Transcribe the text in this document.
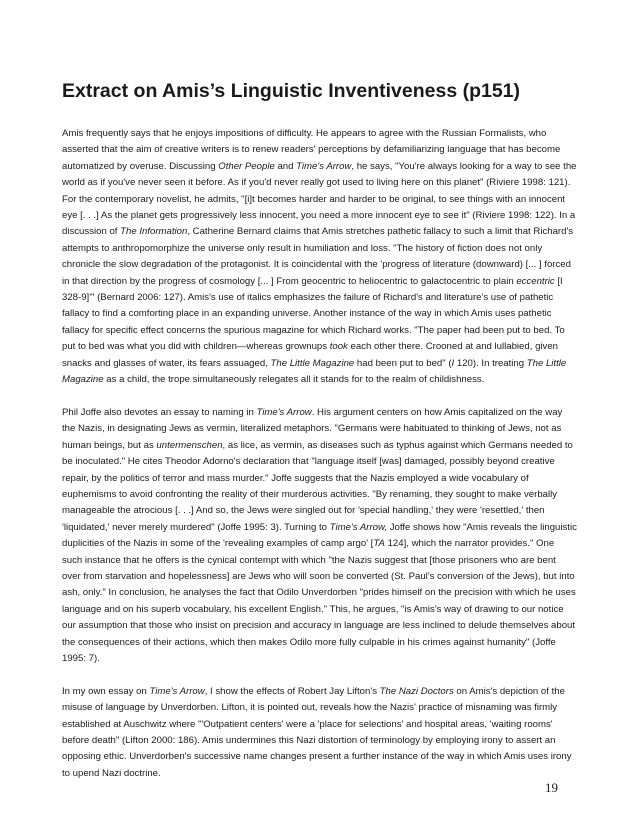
Extract on Amis’s Linguistic Inventiveness (p151)

Amis frequently says that he enjoys impositions of difficulty. He appears to agree with the Russian Formalists, who asserted that the aim of creative writers is to renew readers' perceptions by defamiliarizing language that has become automatized by overuse. Discussing Other People and Time's Arrow, he says, "You're always looking for a way to see the world as if you've never seen it before. As if you'd never really got used to living here on this planet" (Riviere 1998: 121). For the contemporary novelist, he admits, "[i]t becomes harder and harder to be original, to see things with an innocent eye [. . .] As the planet gets progressively less innocent, you need a more innocent eye to see it" (Riviere 1998: 122). In a discussion of The Information, Catherine Bernard claims that Amis stretches pathetic fallacy to such a limit that Richard's attempts to anthropomorphize the universe only result in humiliation and loss. "The history of fiction does not only chronicle the slow degradation of the protagonist. It is coincidental with the 'progress of literature (downward) [... ] forced in that direction by the progress of cosmology [... ] From geocentric to heliocentric to galactocentric to plain eccentric [I 328-9]'" (Bernard 2006: 127). Amis's use of italics emphasizes the failure of Richard's and literature's use of pathetic fallacy to find a comforting place in an expanding universe. Another instance of the way in which Amis uses pathetic fallacy for specific effect concerns the spurious magazine for which Richard works. "The paper had been put to bed. To put to bed was what you did with children—whereas grownups took each other there. Crooned at and lullabied, given snacks and glasses of water, its fears assuaged, The Little Magazine had been put to bed" (I 120). In treating The Little Magazine as a child, the trope simultaneously relegates all it stands for to the realm of childishness.

Phil Joffe also devotes an essay to naming in Time's Arrow. His argument centers on how Amis capitalized on the way the Nazis, in designating Jews as vermin, literalized metaphors. "Germans were habituated to thinking of Jews, not as human beings, but as untermenschen, as lice, as vermin, as diseases such as typhus against which Germans needed to be inoculated." He cites Theodor Adorno's declaration that "language itself [was] damaged, possibly beyond creative repair, by the politics of terror and mass murder." Joffe suggests that the Nazis employed a wide vocabulary of euphemisms to avoid confronting the reality of their murderous activities. "By renaming, they sought to make verbally manageable the atrocious [. . .] And so, the Jews were singled out for 'special handling,' they were 'resettled,' then 'liquidated,' never merely murdered" (Joffe 1995: 3). Turning to Time's Arrow, Joffe shows how "Amis reveals the linguistic duplicities of the Nazis in some of the 'revealing examples of camp argo' [TA 124], which the narrator provides." One such instance that he offers is the cynical contempt with which "the Nazis suggest that [those prisoners who are bent over from starvation and hopelessness] are Jews who will soon be converted (St. Paul's conversion of the Jews), but into ash, only." In conclusion, he analyses the fact that Odilo Unverdorben "prides himself on the precision with which he uses language and on his superb vocabulary, his excellent English." This, he argues, "is Amis's way of drawing to our notice our assumption that those who insist on precision and accuracy in language are less inclined to delude themselves about the consequences of their actions, which then makes Odilo more fully culpable in his crimes against humanity" (Joffe 1995: 7).

In my own essay on Time's Arrow, I show the effects of Robert Jay Lifton's The Nazi Doctors on Amis's depiction of the misuse of language by Unverdorben. Lifton, it is pointed out, reveals how the Nazis' practice of misnaming was firmly established at Auschwitz where '"Outpatient centers' were a 'place for selections' and hospital areas, 'waiting rooms' before death" (Lifton 2000: 186). Amis undermines this Nazi distortion of terminology by employing irony to assert an opposing ethic. Unverdorben's successive name changes present a further instance of the way in which Amis uses irony to upend Nazi doctrine.

19
